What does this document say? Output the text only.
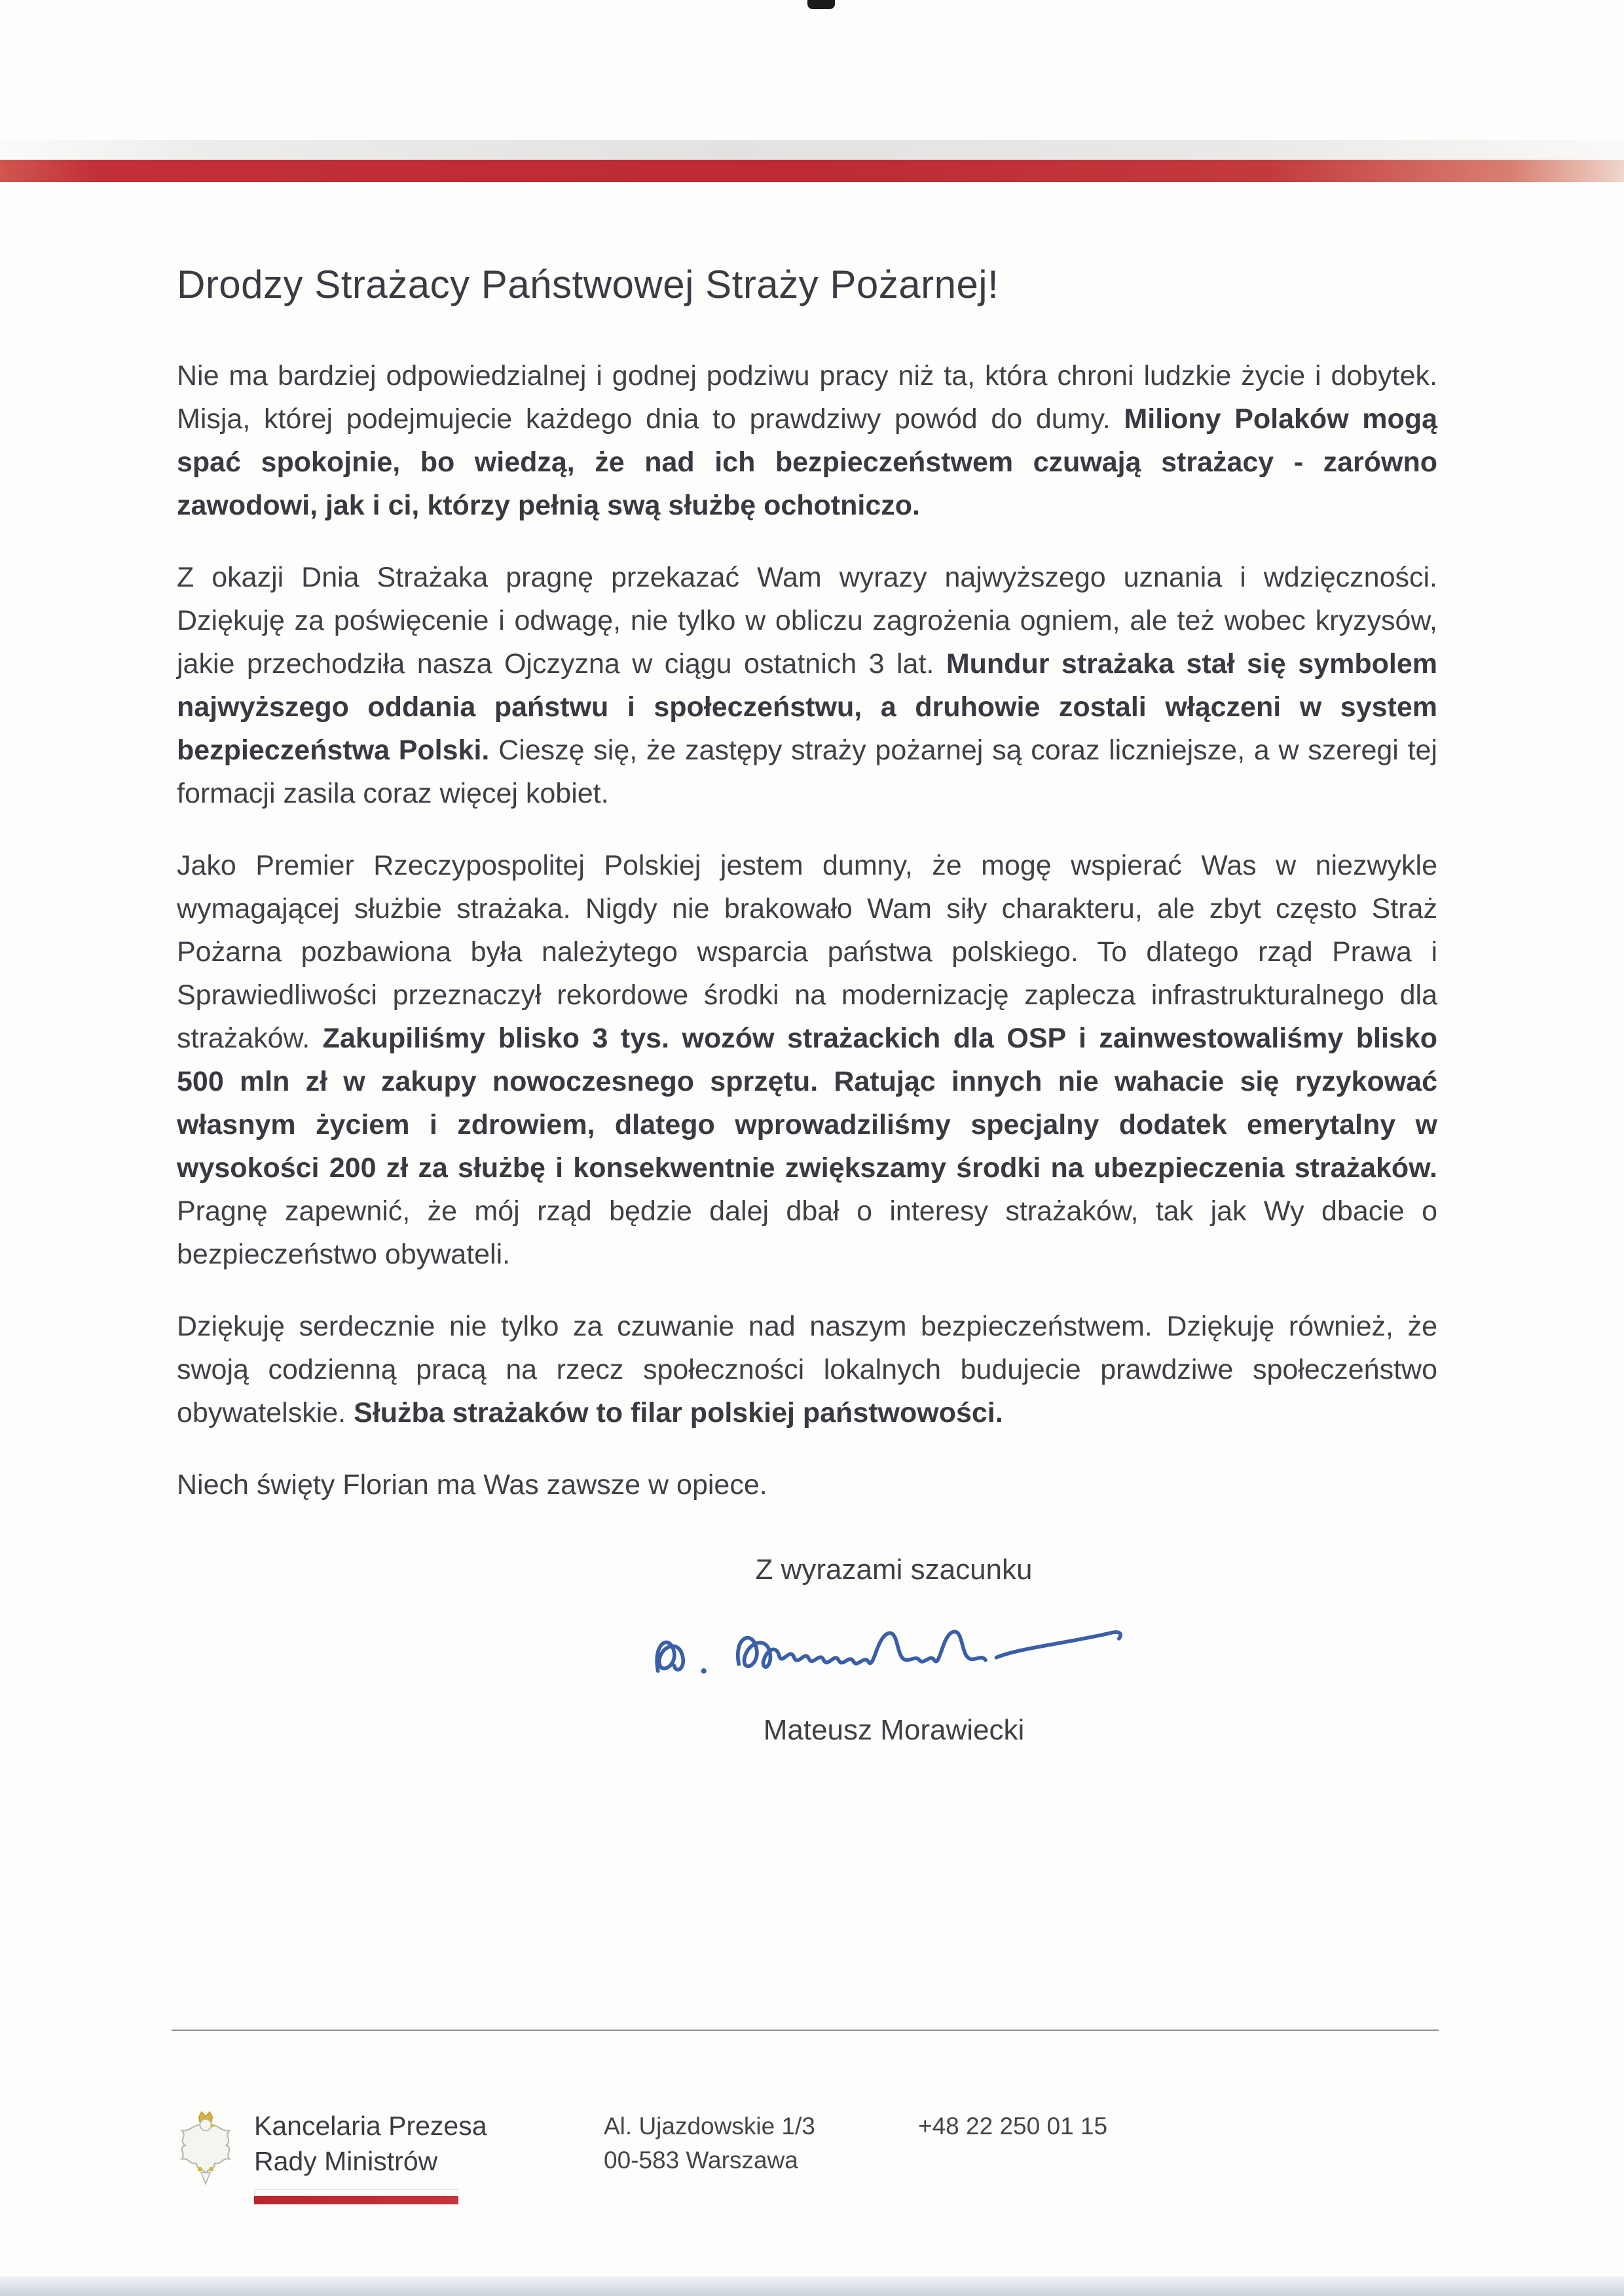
Drodzy Strażacy Państwowej Straży Pożarnej!

Nie ma bardziej odpowiedzialnej i godnej podziwu pracy niż ta, która chroni ludzkie życie i dobytek. Misja, której podejmujecie każdego dnia to prawdziwy powód do dumy. Miliony Polaków mogą spać spokojnie, bo wiedzą, że nad ich bezpieczeństwem czuwają strażacy - zarówno zawodowi, jak i ci, którzy pełnią swą służbę ochotniczo.

Z okazji Dnia Strażaka pragnę przekazać Wam wyrazy najwyższego uznania i wdzięczności. Dziękuję za poświęcenie i odwagę, nie tylko w obliczu zagrożenia ogniem, ale też wobec kryzysów, jakie przechodziła nasza Ojczyzna w ciągu ostatnich 3 lat. Mundur strażaka stał się symbolem najwyższego oddania państwu i społeczeństwu, a druhowie zostali włączeni w system bezpieczeństwa Polski. Cieszę się, że zastępy straży pożarnej są coraz liczniejsze, a w szeregi tej formacji zasila coraz więcej kobiet.

Jako Premier Rzeczypospolitej Polskiej jestem dumny, że mogę wspierać Was w niezwykle wymagającej służbie strażaka. Nigdy nie brakowało Wam siły charakteru, ale zbyt często Straż Pożarna pozbawiona była należytego wsparcia państwa polskiego. To dlatego rząd Prawa i Sprawiedliwości przeznaczył rekordowe środki na modernizację zaplecza infrastrukturalnego dla strażaków. Zakupiliśmy blisko 3 tys. wozów strażackich dla OSP i zainwestowaliśmy blisko 500 mln zł w zakupy nowoczesnego sprzętu. Ratując innych nie wahacie się ryzykować własnym życiem i zdrowiem, dlatego wprowadziliśmy specjalny dodatek emerytalny w wysokości 200 zł za służbę i konsekwentnie zwiększamy środki na ubezpieczenia strażaków. Pragnę zapewnić, że mój rząd będzie dalej dbał o interesy strażaków, tak jak Wy dbacie o bezpieczeństwo obywateli.

Dziękuję serdecznie nie tylko za czuwanie nad naszym bezpieczeństwem. Dziękuję również, że swoją codzienną pracą na rzecz społeczności lokalnych budujecie prawdziwe społeczeństwo obywatelskie. Służba strażaków to filar polskiej państwowości.

Niech święty Florian ma Was zawsze w opiece.

Z wyrazami szacunku

Mateusz Morawiecki

Kancelaria Prezesa
Rady Ministrów
Al. Ujazdowskie 1/3
00-583 Warszawa
+48 22 250 01 15
